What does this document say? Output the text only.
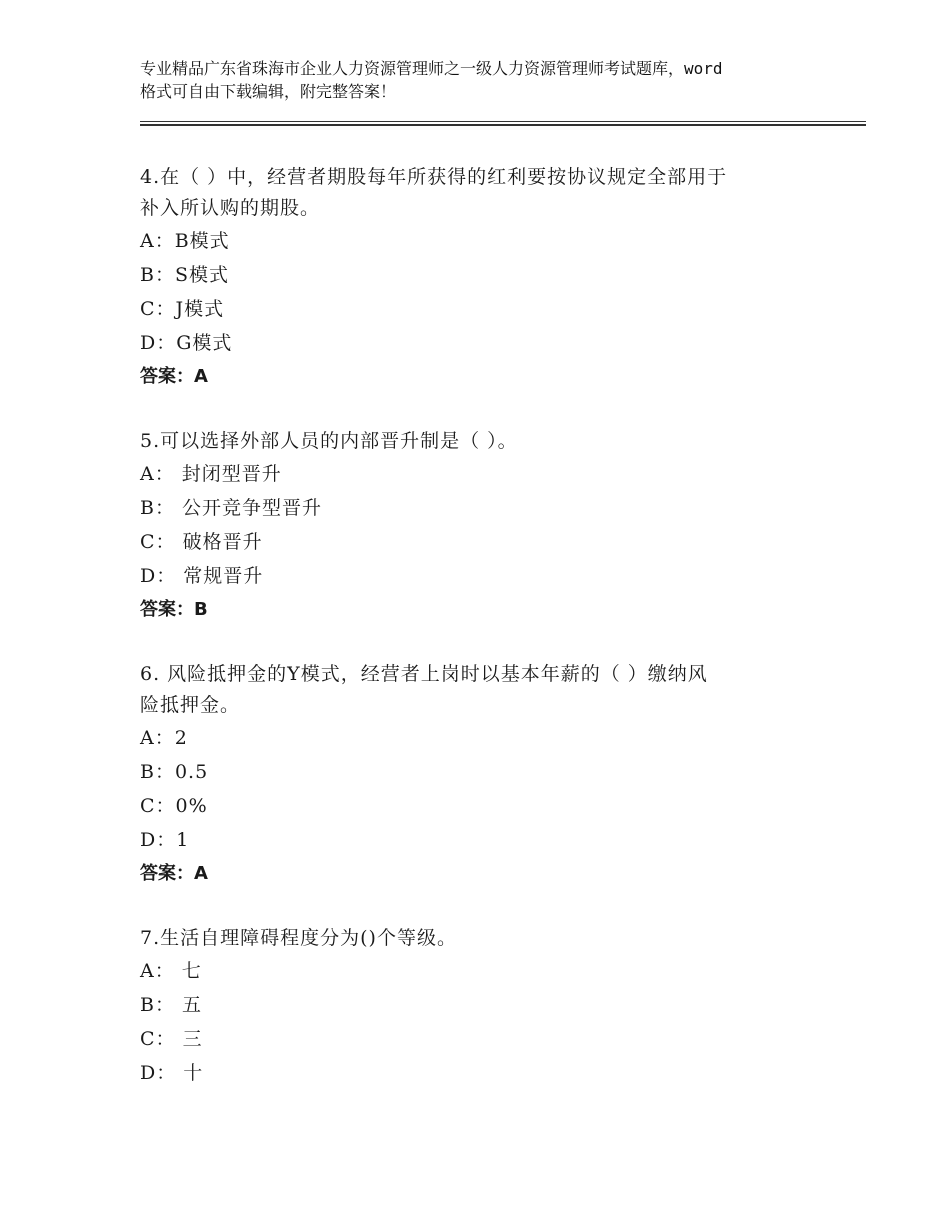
专业精品广东省珠海市企业人力资源管理师之一级人力资源管理师考试题库，word
格式可自由下载编辑，附完整答案！
4.在（ ）中，经营者期股每年所获得的红利要按协议规定全部用于
补入所认购的期股。
A：B模式
B：S模式
C：J模式
D：G模式
答案：A
5.可以选择外部人员的内部晋升制是（ ）。
A： 封闭型晋升
B： 公开竞争型晋升
C： 破格晋升
D： 常规晋升
答案：B
6. 风险抵押金的Y模式，经营者上岗时以基本年薪的（ ）缴纳风
险抵押金。
A：2
B：0.5
C：0%
D：1
答案：A
7.生活自理障碍程度分为()个等级。
A： 七
B： 五
C： 三
D： 十
